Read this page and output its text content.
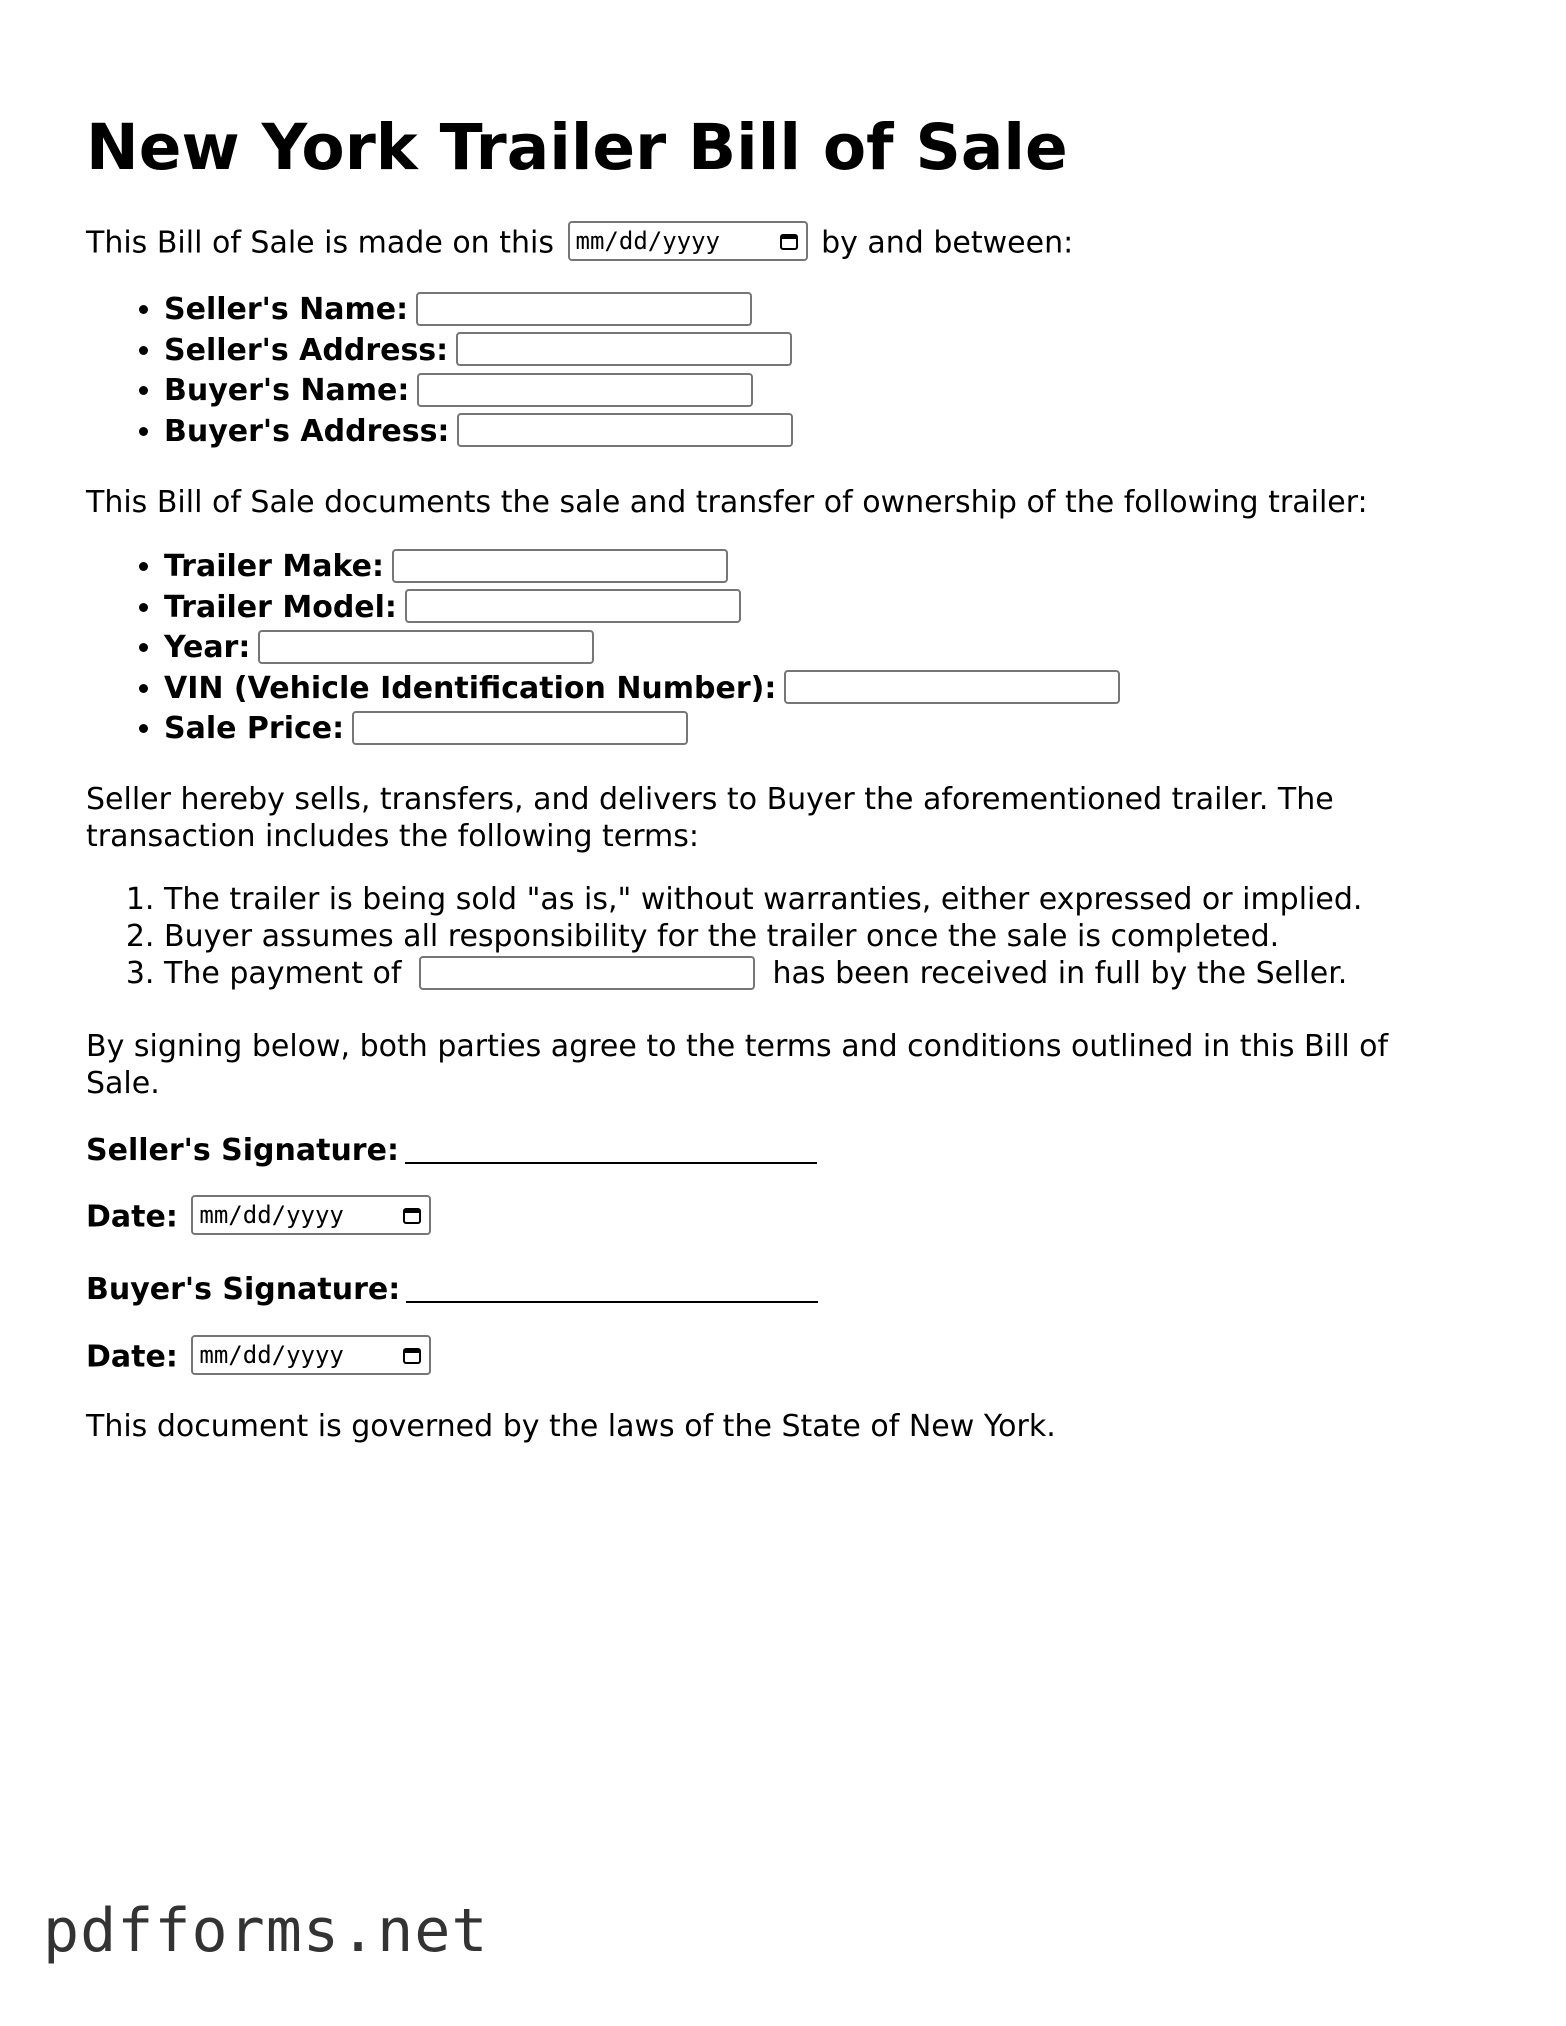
New York Trailer Bill of Sale

This Bill of Sale is made on this mm/dd/yyyy	by and between:

• Seller's Name:
• Seller's Address:
• Buyer's Name:
• Buyer's Address:

This Bill of Sale documents the sale and transfer of ownership of the following trailer:

• Trailer Make:
• Trailer Model:
• Year:
• VIN (Vehicle Identification Number):
• Sale Price:

Seller hereby sells, transfers, and delivers to Buyer the aforementioned trailer. The transaction includes the following terms:

1. The trailer is being sold "as is," without warranties, either expressed or implied.
2. Buyer assumes all responsibility for the trailer once the sale is completed.
3. The payment of	has been received in full by the Seller.

By signing below, both parties agree to the terms and conditions outlined in this Bill of Sale.

Seller's Signature:

Date: mm/dd/yyyy

Buyer's Signature:

Date: mm/dd/yyyy

This document is governed by the laws of the State of New York.

pdfforms.net
